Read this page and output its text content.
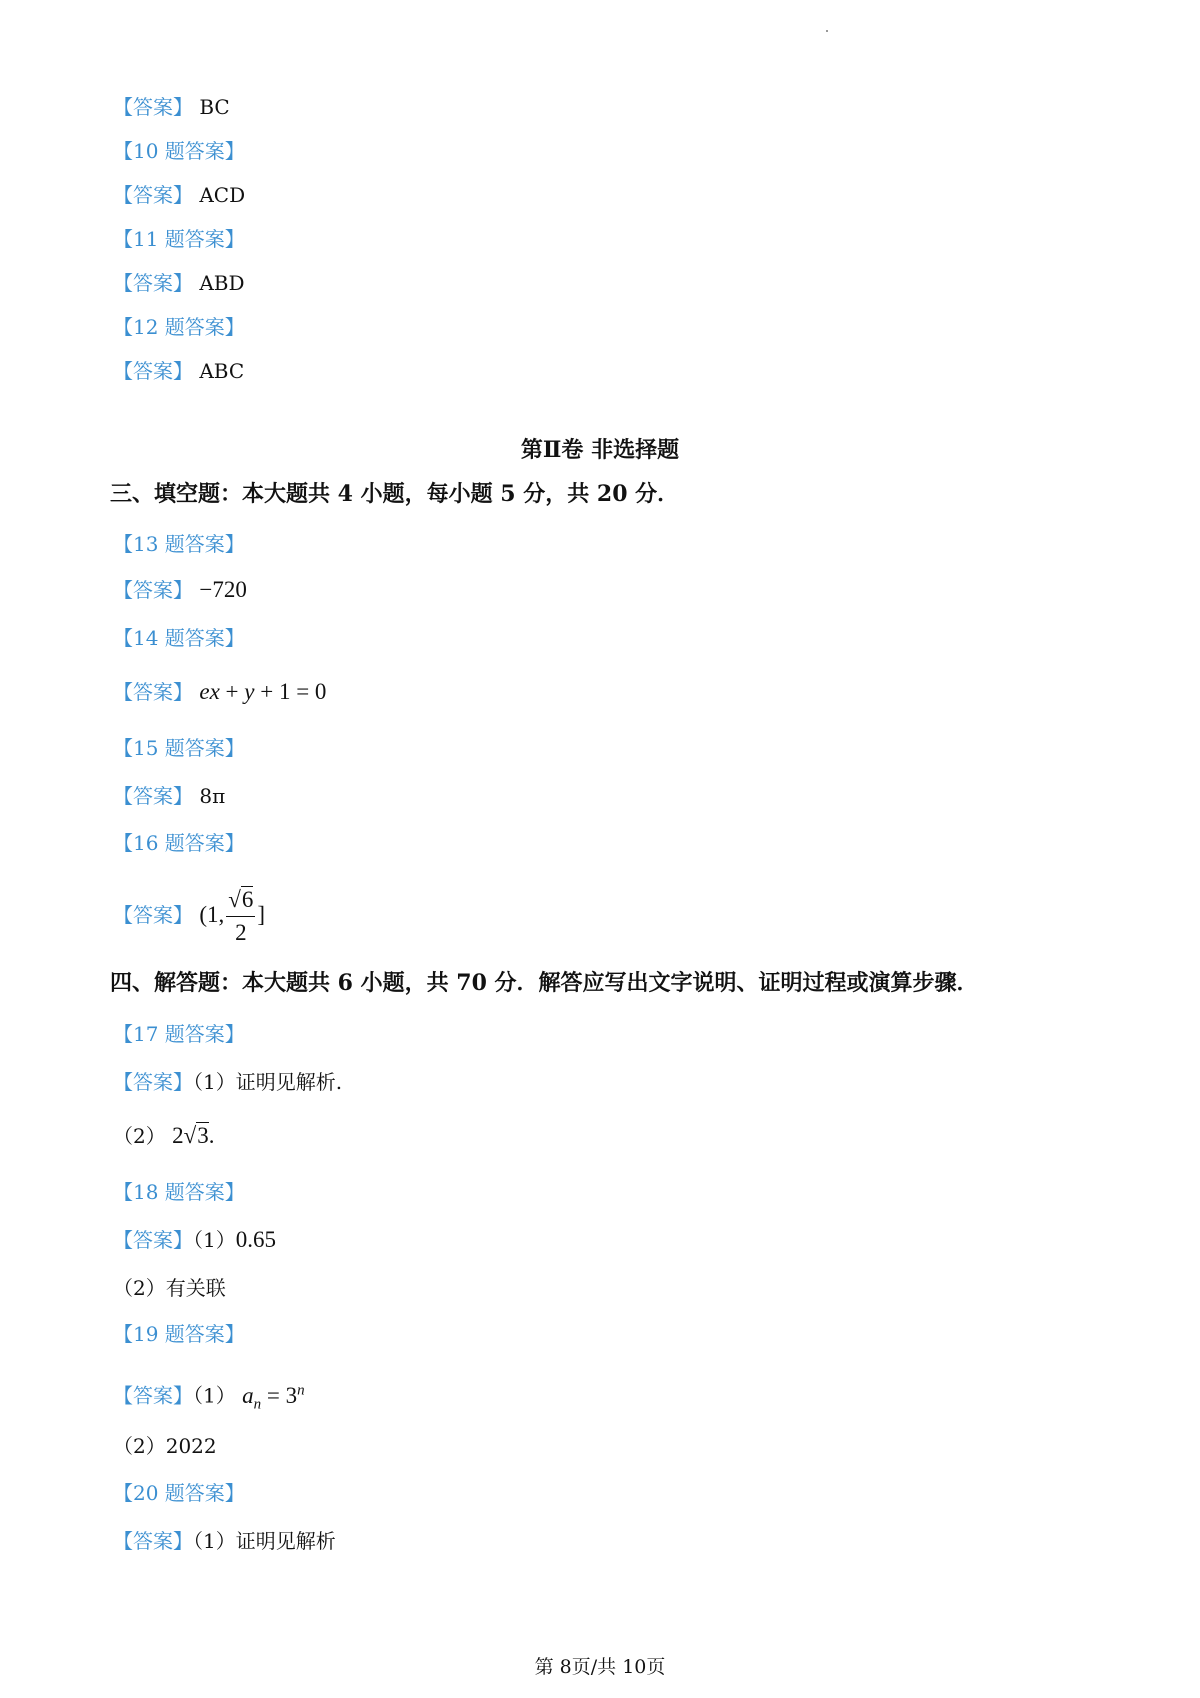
【答案】 BC
【10 题答案】
【答案】 ACD
【11 题答案】
【答案】 ABD
【12 题答案】
【答案】 ABC
第Ⅱ卷 非选择题
三、填空题：本大题共 4 小题，每小题 5 分，共 20 分．
【13 题答案】
【答案】 −720
【14 题答案】
【答案】 ex + y + 1 = 0
【15 题答案】
【答案】 8π
【16 题答案】
【答案】 (1, $\frac{√6}{2}$ ]
四、解答题：本大题共 6 小题，共 70 分．解答应写出文字说明、证明过程或演算步骤．
【17 题答案】
【答案】（1）证明见解析.
（2） 2√3.
【18 题答案】
【答案】（1）0.65
（2）有关联
【19 题答案】
【答案】（1） $a_n = 3^n$
（2）2022
【20 题答案】
【答案】（1）证明见解析
第 8页/共 10页
